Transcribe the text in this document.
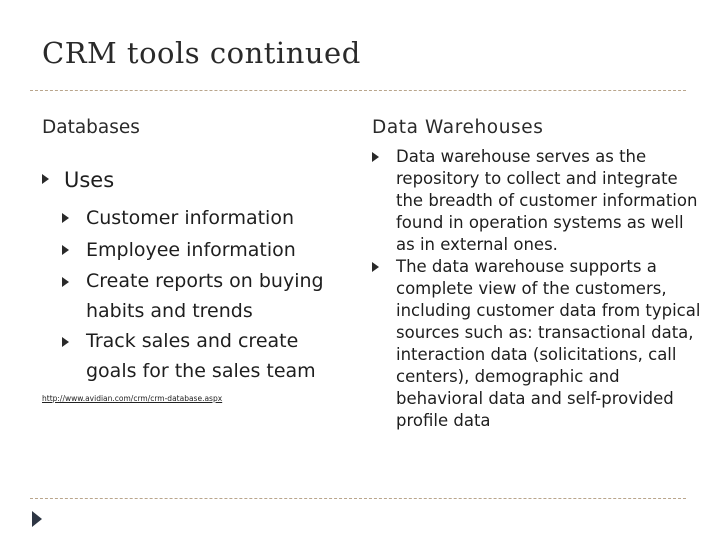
CRM tools continued
Databases
Uses
Customer information
Employee information
Create reports on buying habits and trends
Track sales and create goals for the sales team
http://www.avidian.com/crm/crm-database.aspx
Data Warehouses
Data warehouse serves as the repository to collect and integrate the breadth of customer information found in operation systems as well as in external ones.
The data warehouse supports a complete view of the customers, including customer data from typical sources such as: transactional data, interaction data (solicitations, call centers), demographic and behavioral data and self-provided profile data
